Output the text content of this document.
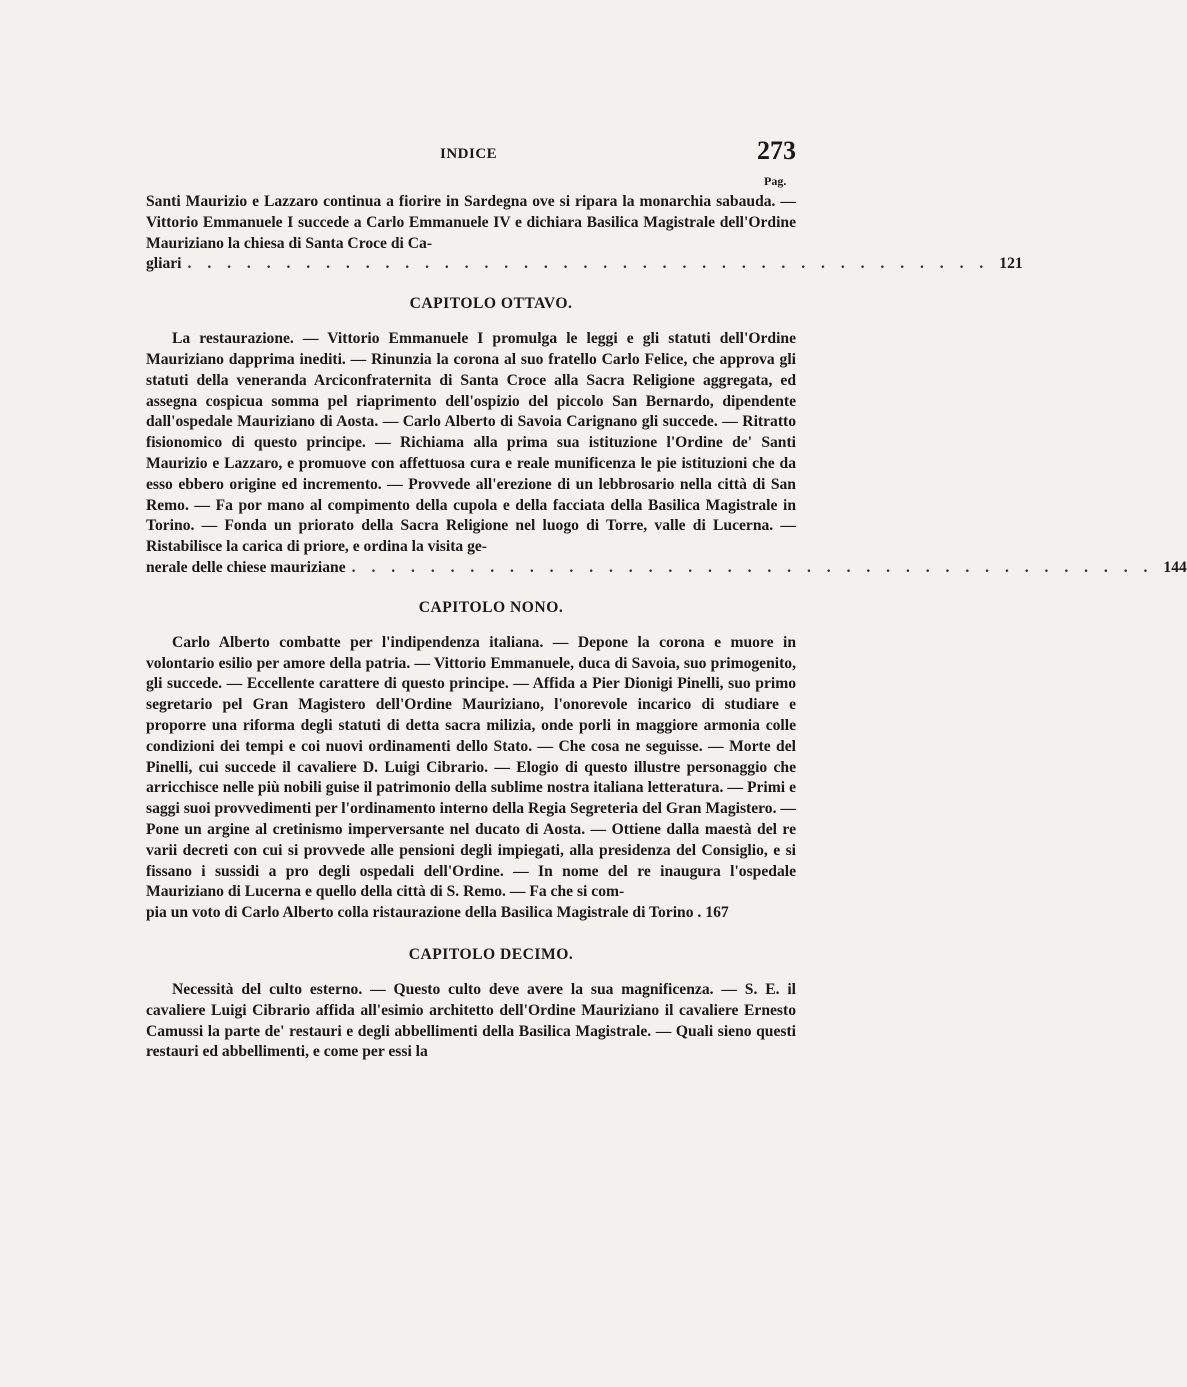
INDICE	273
Pag.

Santi Maurizio e Lazzaro continua a fiorire in Sardegna ove si ripara la monarchia sabauda. — Vittorio Emmanuele I succede a Carlo Emmanuele IV e dichiara Basilica Magistrale dell'Ordine Mauriziano la chiesa di Santa Croce di Ca-

gliari . . . . . . . . . . . . . . . . . . . . . . . . . . . . . . . . . . . . . . . . . 121
CAPITOLO OTTAVO.

La restaurazione. — Vittorio Emmanuele I promulga le leggi e gli statuti dell'Ordine Mauriziano dapprima inediti. — Rinunzia la corona al suo fratello Carlo Felice, che approva gli statuti della veneranda Arciconfraternita di Santa Croce alla Sacra Religione aggregata, ed assegna cospicua somma pel riaprimento dell'ospizio del piccolo San Bernardo, dipendente dall'ospedale Mauriziano di Aosta. — Carlo Alberto di Savoia Carignano gli succede. — Ritratto fisionomico di questo principe. — Richiama alla prima sua istituzione l'Ordine de' Santi Maurizio e Lazzaro, e promuove con affettuosa cura e reale munificenza le pie istituzioni che da esso ebbero origine ed incremento. — Provvede all'erezione di un lebbrosario nella città di San Remo. — Fa por mano al compimento della cupola e della facciata della Basilica Magistrale in Torino. — Fonda un priorato della Sacra Religione nel luogo di Torre, valle di Lucerna. — Ristabilisce la carica di priore, e ordina la visita ge-

nerale delle chiese mauriziane . . . . . . . . . . . . . . . . . . . . . . . . . . . . . . . . . . . . . . . . . 144
CAPITOLO NONO.

Carlo Alberto combatte per l'indipendenza italiana. — Depone la corona e muore in volontario esilio per amore della patria. — Vittorio Emmanuele, duca di Savoia, suo primogenito, gli succede. — Eccellente carattere di questo principe. — Affida a Pier Dionigi Pinelli, suo primo segretario pel Gran Magistero dell'Ordine Mauriziano, l'onorevole incarico di studiare e proporre una riforma degli statuti di detta sacra milizia, onde porli in maggiore armonia colle condizioni dei tempi e coi nuovi ordinamenti dello Stato. — Che cosa ne seguisse. — Morte del Pinelli, cui succede il cavaliere D. Luigi Cibrario. — Elogio di questo illustre personaggio che arricchisce nelle più nobili guise il patrimonio della sublime nostra italiana letteratura. — Primi e saggi suoi provvedimenti per l'ordinamento interno della Regia Segreteria del Gran Magistero. — Pone un argine al cretinismo imperversante nel ducato di Aosta. — Ottiene dalla maestà del re varii decreti con cui si provvede alle pensioni degli impiegati, alla presidenza del Consiglio, e si fissano i sussidi a pro degli ospedali dell'Ordine. — In nome del re inaugura l'ospedale Mauriziano di Lucerna e quello della città di S. Remo. — Fa che si com-

pia un voto di Carlo Alberto colla ristaurazione della Basilica Magistrale di Torino . 167
CAPITOLO DECIMO.

Necessità del culto esterno. — Questo culto deve avere la sua magnificenza. — S. E. il cavaliere Luigi Cibrario affida all'esimio architetto dell'Ordine Mauriziano il cavaliere Ernesto Camussi la parte de' restauri e degli abbellimenti della Basilica Magistrale. — Quali sieno questi restauri ed abbellimenti, e come per essi la
